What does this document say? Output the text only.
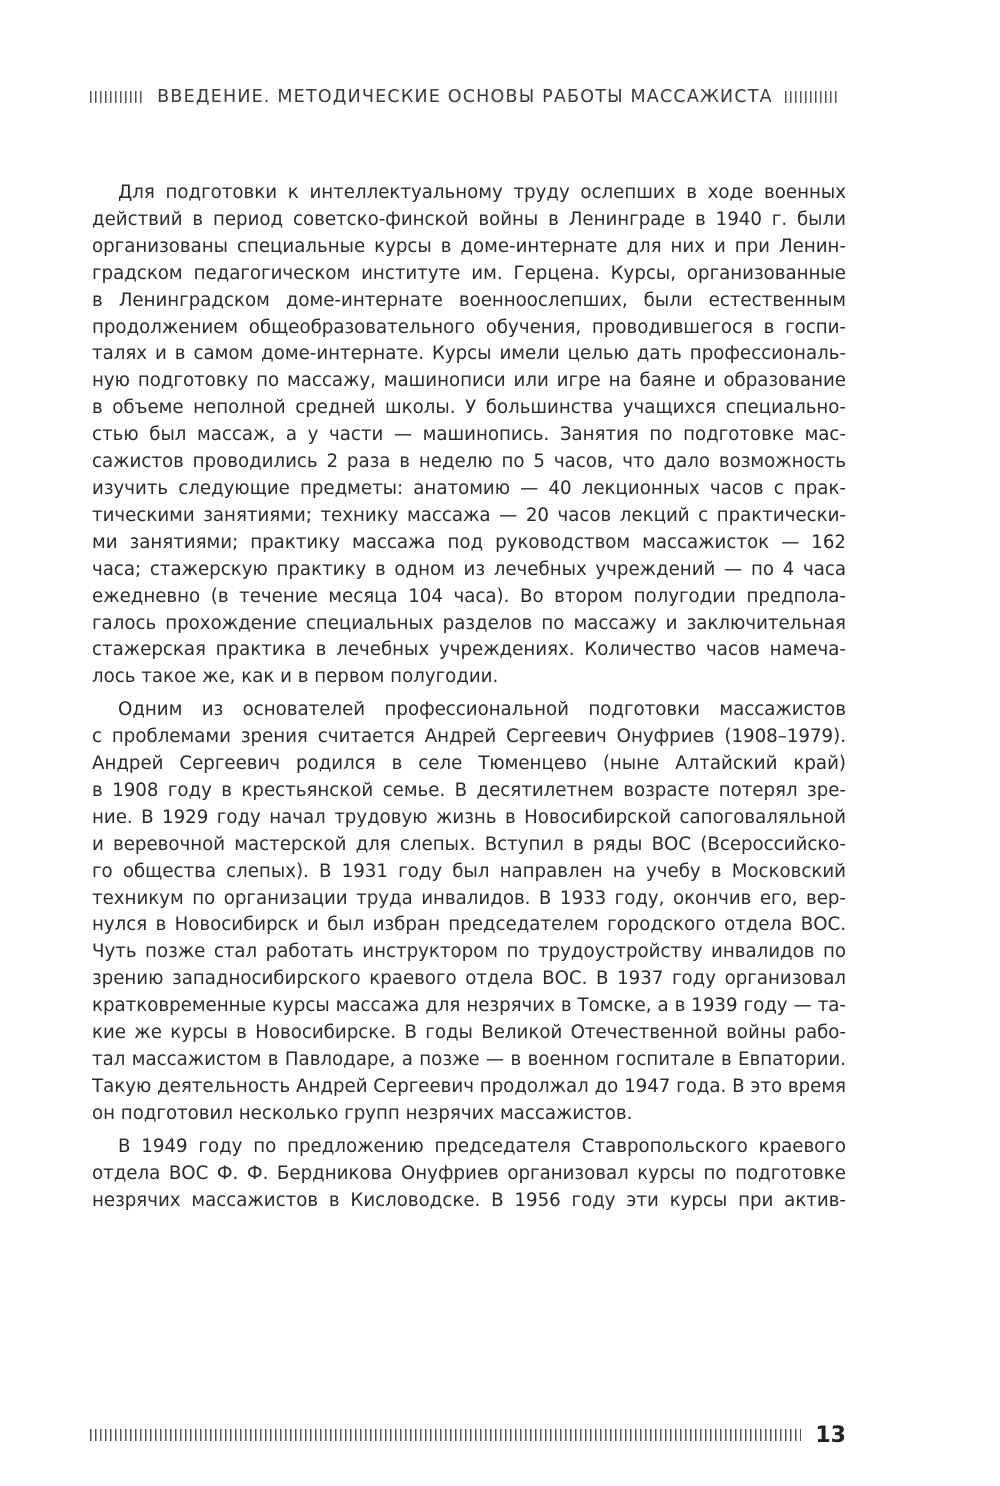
ВВЕДЕНИЕ. МЕТОДИЧЕСКИЕ ОСНОВЫ РАБОТЫ МАССАЖИСТА
Для подготовки к интеллектуальному труду ослепших в ходе военных
действий в период советско-финской войны в Ленинграде в 1940 г. были
организованы специальные курсы в доме-интернате для них и при Ленин-
градском педагогическом институте им. Герцена. Курсы, организованные
в Ленинградском доме-интернате военноослепших, были естественным
продолжением общеобразовательного обучения, проводившегося в госпи-
талях и в самом доме-интернате. Курсы имели целью дать профессиональ-
ную подготовку по массажу, машинописи или игре на баяне и образование
в объеме неполной средней школы. У большинства учащихся специально-
стью был массаж, а у части — машинопись. Занятия по подготовке мас-
сажистов проводились 2 раза в неделю по 5 часов, что дало возможность
изучить следующие предметы: анатомию — 40 лекционных часов с прак-
тическими занятиями; технику массажа — 20 часов лекций с практически-
ми занятиями; практику массажа под руководством массажисток — 162
часа; стажерскую практику в одном из лечебных учреждений — по 4 часа
ежедневно (в течение месяца 104 часа). Во втором полугодии предпола-
галось прохождение специальных разделов по массажу и заключительная
стажерская практика в лечебных учреждениях. Количество часов намеча-
лось такое же, как и в первом полугодии.
Одним из основателей профессиональной подготовки массажистов
с проблемами зрения считается Андрей Сергеевич Онуфриев (1908–1979).
Андрей Сергеевич родился в селе Тюменцево (ныне Алтайский край)
в 1908 году в крестьянской семье. В десятилетнем возрасте потерял зре-
ние. В 1929 году начал трудовую жизнь в Новосибирской сапоговаляльной
и веревочной мастерской для слепых. Вступил в ряды ВОС (Всероссийско-
го общества слепых). В 1931 году был направлен на учебу в Московский
техникум по организации труда инвалидов. В 1933 году, окончив его, вер-
нулся в Новосибирск и был избран председателем городского отдела ВОС.
Чуть позже стал работать инструктором по трудоустройству инвалидов по
зрению западносибирского краевого отдела ВОС. В 1937 году организовал
кратковременные курсы массажа для незрячих в Томске, а в 1939 году — та-
кие же курсы в Новосибирске. В годы Великой Отечественной войны рабо-
тал массажистом в Павлодаре, а позже — в военном госпитале в Евпатории.
Такую деятельность Андрей Сергеевич продолжал до 1947 года. В это время
он подготовил несколько групп незрячих массажистов.
В 1949 году по предложению председателя Ставропольского краевого
отдела ВОС Ф. Ф. Бердникова Онуфриев организовал курсы по подготовке
незрячих массажистов в Кисловодске. В 1956 году эти курсы при актив-
13
